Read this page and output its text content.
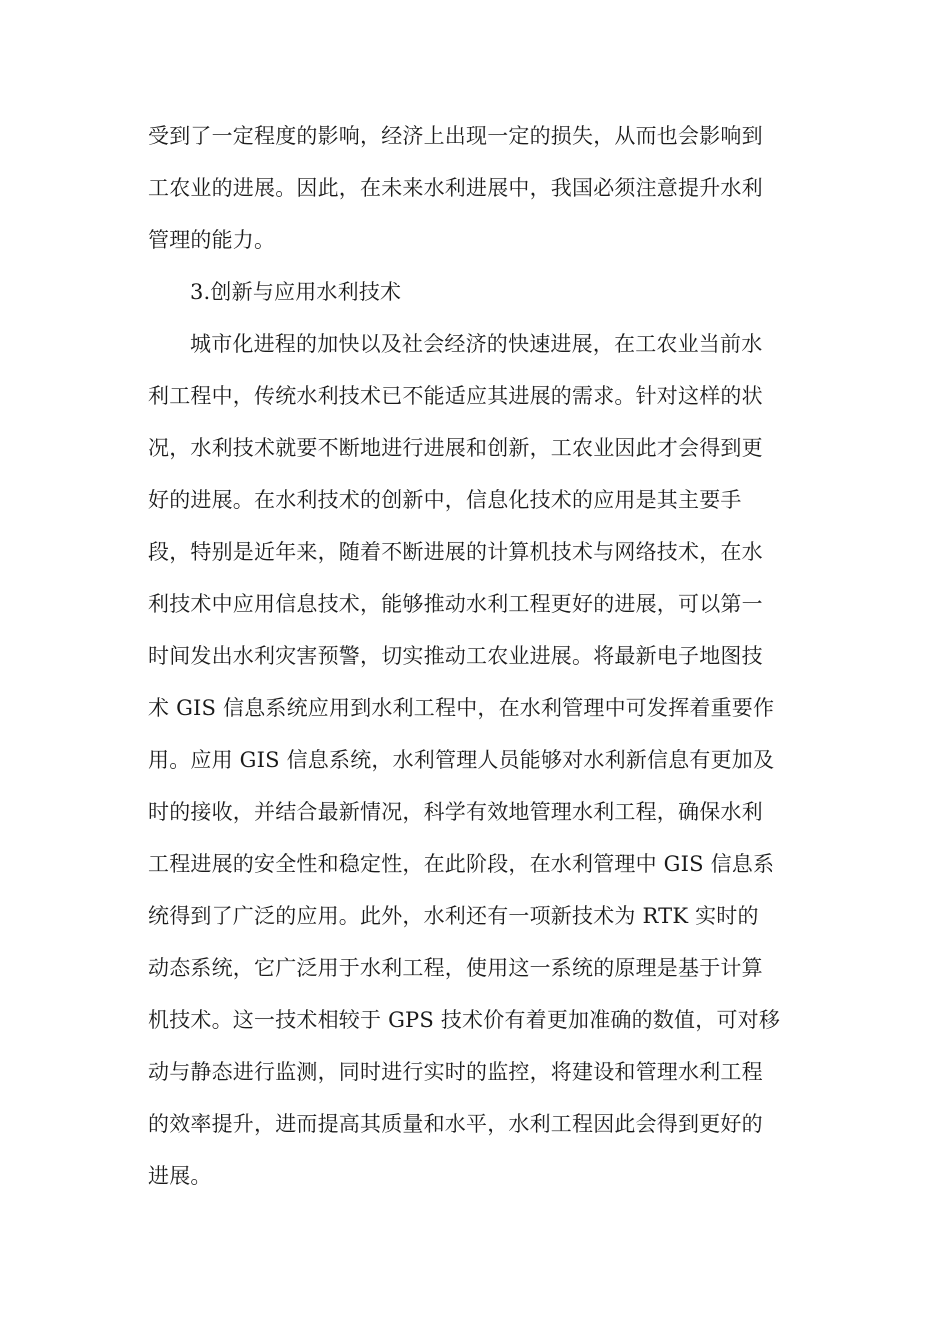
受到了一定程度的影响，经济上出现一定的损失，从而也会影响到
工农业的进展。因此，在未来水利进展中，我国必须注意提升水利
管理的能力。
3.创新与应用水利技术
城市化进程的加快以及社会经济的快速进展，在工农业当前水
利工程中，传统水利技术已不能适应其进展的需求。针对这样的状
况，水利技术就要不断地进行进展和创新，工农业因此才会得到更
好的进展。在水利技术的创新中，信息化技术的应用是其主要手
段，特别是近年来，随着不断进展的计算机技术与网络技术，在水
利技术中应用信息技术，能够推动水利工程更好的进展，可以第一
时间发出水利灾害预警，切实推动工农业进展。将最新电子地图技
术 GIS 信息系统应用到水利工程中，在水利管理中可发挥着重要作
用。应用 GIS 信息系统，水利管理人员能够对水利新信息有更加及
时的接收，并结合最新情况，科学有效地管理水利工程，确保水利
工程进展的安全性和稳定性，在此阶段，在水利管理中 GIS 信息系
统得到了广泛的应用。此外，水利还有一项新技术为 RTK 实时的
动态系统，它广泛用于水利工程，使用这一系统的原理是基于计算
机技术。这一技术相较于 GPS 技术价有着更加准确的数值，可对移
动与静态进行监测，同时进行实时的监控，将建设和管理水利工程
的效率提升，进而提高其质量和水平，水利工程因此会得到更好的
进展。
